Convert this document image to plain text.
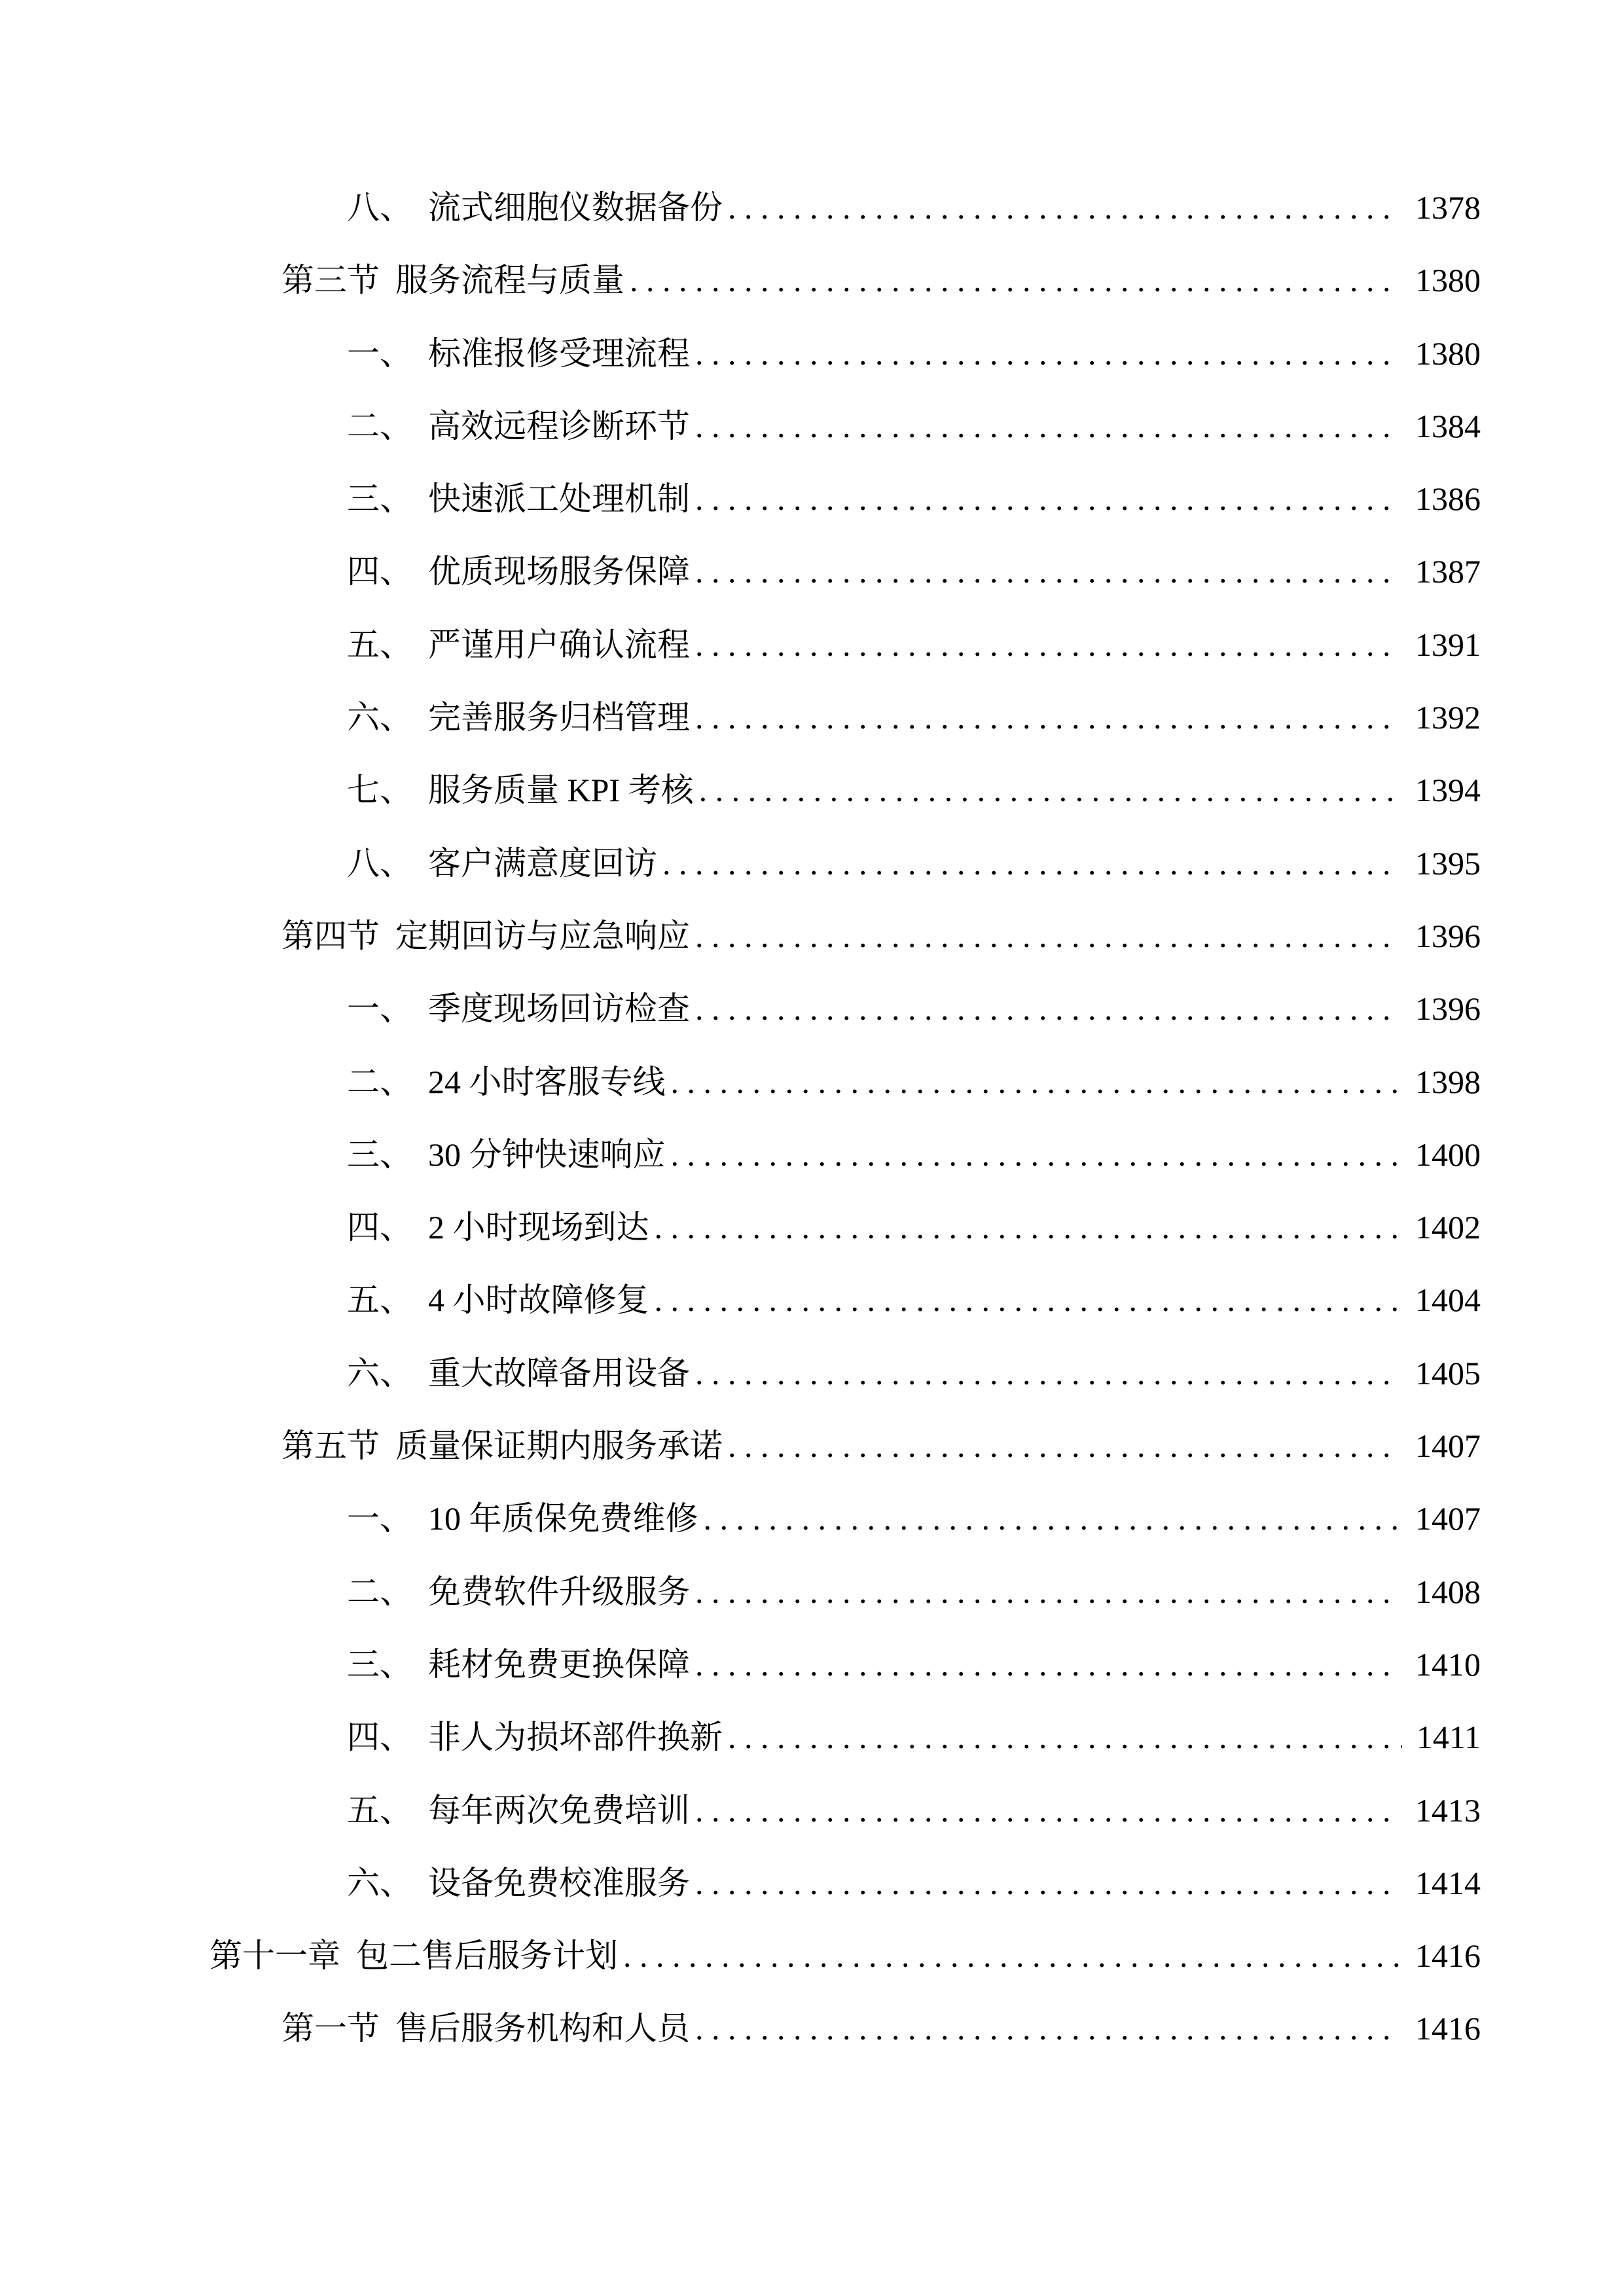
八、 流式细胞仪数据备份 . . .	1378
第三节 服务流程与质量 . . .	1380
一、 标准报修受理流程 . . .	1380
二、 高效远程诊断环节 . . .	1384
三、 快速派工处理机制 . . .	1386
四、 优质现场服务保障 . . .	1387
五、 严谨用户确认流程 . . .	1391
六、 完善服务归档管理 . . .	1392
七、 服务质量 KPI 考核 . . .	1394
八、 客户满意度回访 . . .	1395
第四节 定期回访与应急响应 . . .	1396
一、 季度现场回访检查 . . .	1396
二、 24 小时客服专线 . . .	1398
三、 30 分钟快速响应 . . .	1400
四、 2 小时现场到达 . . .	1402
五、 4 小时故障修复 . . .	1404
六、 重大故障备用设备 . . .	1405
第五节 质量保证期内服务承诺 . . .	1407
一、 10 年质保免费维修 . . .	1407
二、 免费软件升级服务 . . .	1408
三、 耗材免费更换保障 . . .	1410
四、 非人为损坏部件换新 . . .	1411
五、 每年两次免费培训 . . .	1413
六、 设备免费校准服务 . . .	1414
第十一章 包二售后服务计划 . . .	1416
第一节 售后服务机构和人员 . . .	1416
